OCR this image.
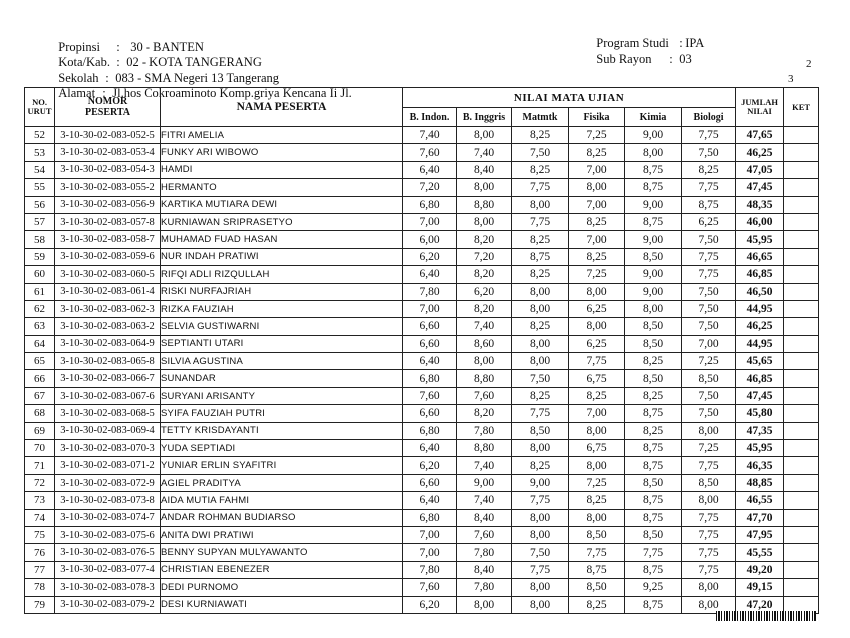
Propinsi : 30 - BANTEN

Kota/Kab. : 02 - KOTA TANGERANG

Sekolah : 083 - SMA Negeri 13 Tangerang

Alamat : Jl.hos Cokroaminoto Komp.griya Kencana Ii Jl.

Program Studi : IPA

Sub Rayon : 03	2
3
NO. URUT	NOMOR PESERTA	NAMA PESERTA	NILAI MATA UJIAN						JUMLAH NILAI	KET
			B. Indon.	B. Inggris	Matmtk	Fisika	Kimia	Biologi		
52	3-10-30-02-083-052-5	FITRI AMELIA	7,40	8,00	8,25	7,25	9,00	7,75	47,65	
53	3-10-30-02-083-053-4	FUNKY ARI WIBOWO	7,60	7,40	7,50	8,25	8,00	7,50	46,25	
54	3-10-30-02-083-054-3	HAMDI	6,40	8,40	8,25	7,00	8,75	8,25	47,05	
55	3-10-30-02-083-055-2	HERMANTO	7,20	8,00	7,75	8,00	8,75	7,75	47,45	
56	3-10-30-02-083-056-9	KARTIKA MUTIARA DEWI	6,80	8,80	8,00	7,00	9,00	8,75	48,35	
57	3-10-30-02-083-057-8	KURNIAWAN SRIPRASETYO	7,00	8,00	7,75	8,25	8,75	6,25	46,00	
58	3-10-30-02-083-058-7	MUHAMAD FUAD HASAN	6,00	8,20	8,25	7,00	9,00	7,50	45,95	
59	3-10-30-02-083-059-6	NUR INDAH PRATIWI	6,20	7,20	8,75	8,25	8,50	7,75	46,65	
60	3-10-30-02-083-060-5	RIFQI ADLI RIZQULLAH	6,40	8,20	8,25	7,25	9,00	7,75	46,85	
61	3-10-30-02-083-061-4	RISKI NURFAJRIAH	7,80	6,20	8,00	8,00	9,00	7,50	46,50	
62	3-10-30-02-083-062-3	RIZKA FAUZIAH	7,00	8,20	8,00	6,25	8,00	7,50	44,95	
63	3-10-30-02-083-063-2	SELVIA GUSTIWARNI	6,60	7,40	8,25	8,00	8,50	7,50	46,25	
64	3-10-30-02-083-064-9	SEPTIANTI UTARI	6,60	8,60	8,00	6,25	8,50	7,00	44,95	
65	3-10-30-02-083-065-8	SILVIA AGUSTINA	6,40	8,00	8,00	7,75	8,25	7,25	45,65	
66	3-10-30-02-083-066-7	SUNANDAR	6,80	8,80	7,50	6,75	8,50	8,50	46,85	
67	3-10-30-02-083-067-6	SURYANI ARISANTY	7,60	7,60	8,25	8,25	8,25	7,50	47,45	
68	3-10-30-02-083-068-5	SYIFA FAUZIAH PUTRI	6,60	8,20	7,75	7,00	8,75	7,50	45,80	
69	3-10-30-02-083-069-4	TETTY KRISDAYANTI	6,80	7,80	8,50	8,00	8,25	8,00	47,35	
70	3-10-30-02-083-070-3	YUDA SEPTIADI	6,40	8,80	8,00	6,75	8,75	7,25	45,95	
71	3-10-30-02-083-071-2	YUNIAR ERLIN SYAFITRI	6,20	7,40	8,25	8,00	8,75	7,75	46,35	
72	3-10-30-02-083-072-9	AGIEL PRADITYA	6,60	9,00	9,00	7,25	8,50	8,50	48,85	
73	3-10-30-02-083-073-8	AIDA MUTIA FAHMI	6,40	7,40	7,75	8,25	8,75	8,00	46,55	
74	3-10-30-02-083-074-7	ANDAR ROHMAN BUDIARSO	6,80	8,40	8,00	8,00	8,75	7,75	47,70	
75	3-10-30-02-083-075-6	ANITA DWI PRATIWI	7,00	7,60	8,00	8,50	8,50	7,75	47,95	
76	3-10-30-02-083-076-5	BENNY SUPYAN MULYAWANTO	7,00	7,80	7,50	7,75	7,75	7,75	45,55	
77	3-10-30-02-083-077-4	CHRISTIAN EBENEZER	7,80	8,40	7,75	8,75	8,75	7,75	49,20	
78	3-10-30-02-083-078-3	DEDI PURNOMO	7,60	7,80	8,00	8,50	9,25	8,00	49,15	
79	3-10-30-02-083-079-2	DESI KURNIAWATI	6,20	8,00	8,00	8,25	8,75	8,00	47,20	
